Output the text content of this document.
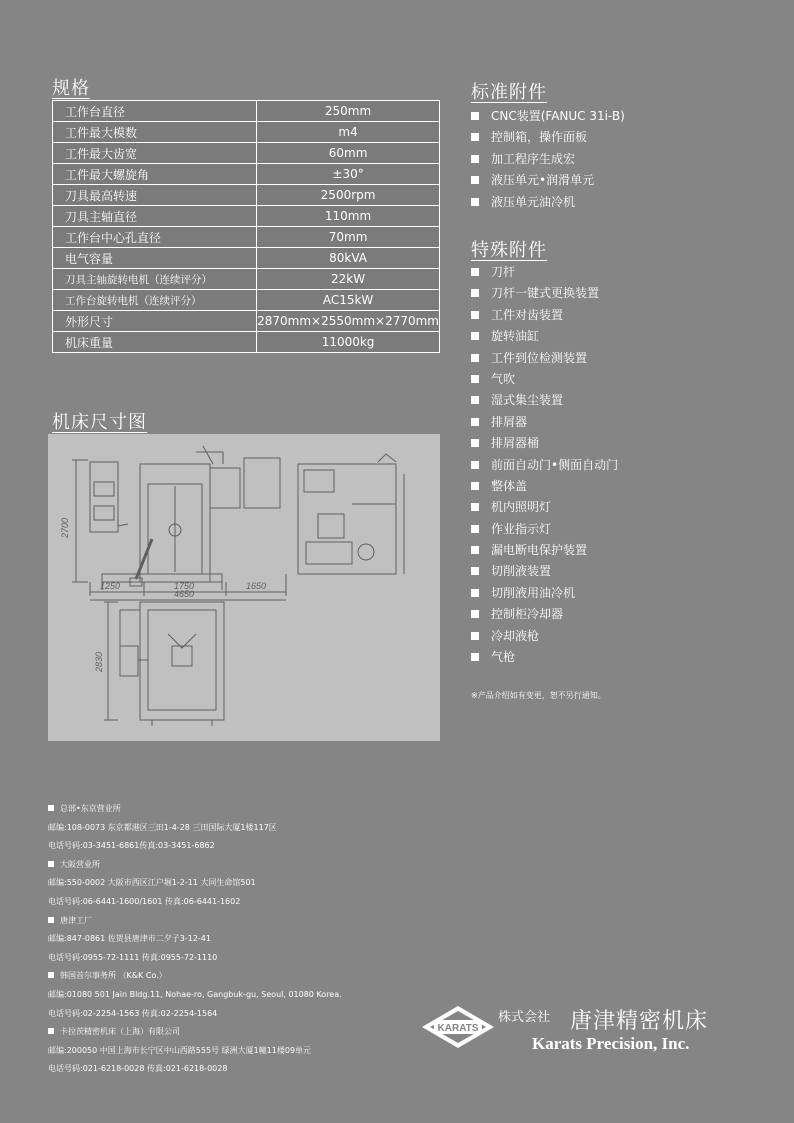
规格
工作台直径	250mm
工件最大模数	m4
工件最大齿宽	60mm
工件最大螺旋角	±30°
刀具最高转速	2500rpm
刀具主轴直径	110mm
工作台中心孔直径	70mm
电气容量	80kVA
刀具主轴旋转电机（连续评分）	22kW
工作台旋转电机（连续评分）	AC15kW
外形尺寸	2870mm×2550mm×2770mm
机床重量	11000kg
机床尺寸图
2700
1250	1750	1650
4650
2830
标准附件
CNC装置(FANUC 31i-B)
控制箱，操作面板
加工程序生成宏
液压单元•润滑单元
液压单元油冷机
特殊附件
刀杆
刀杆一键式更换装置
工件对齿装置
旋转油缸
工件到位检测装置
气吹
湿式集尘装置
排屑器
排屑器桶
前面自动门•侧面自动门
整体盖
机内照明灯
作业指示灯
漏电断电保护装置
切削液装置
切削液用油冷机
控制柜冷却器
冷却液枪
气枪
※产品介绍如有变更，恕不另行通知。
总部•东京营业所
邮编:108-0073 东京都港区三田1-4-28 三田国际大厦1楼117区
电话号码:03-3451-6861传真:03-3451-6862
大阪营业所
邮编:550-0002 大阪市西区江户堀1-2-11 大同生命馆501
电话号码:06-6441-1600/1601 传真:06-6441-1602
唐津工厂
邮编:847-0861 佐贺县唐津市二夕子3-12-41
电话号码:0955-72-1111 传真:0955-72-1110
韩国首尔事务所 （K&K Co.）
邮编:01080 501 Jain Bldg.11, Nohae-ro, Gangbuk-gu, Seoul, 01080 Korea.
电话号码:02-2254-1563 传真:02-2254-1564
卡拉茨精密机床（上海）有限公司
邮编:200050 中国上海市长宁区中山西路555号 绿洲大厦1幢11楼09单元
电话号码:021-6218-0028 传真:021-6218-0028
KARATS
株式会社 唐津精密机床
Karats Precision, Inc.
